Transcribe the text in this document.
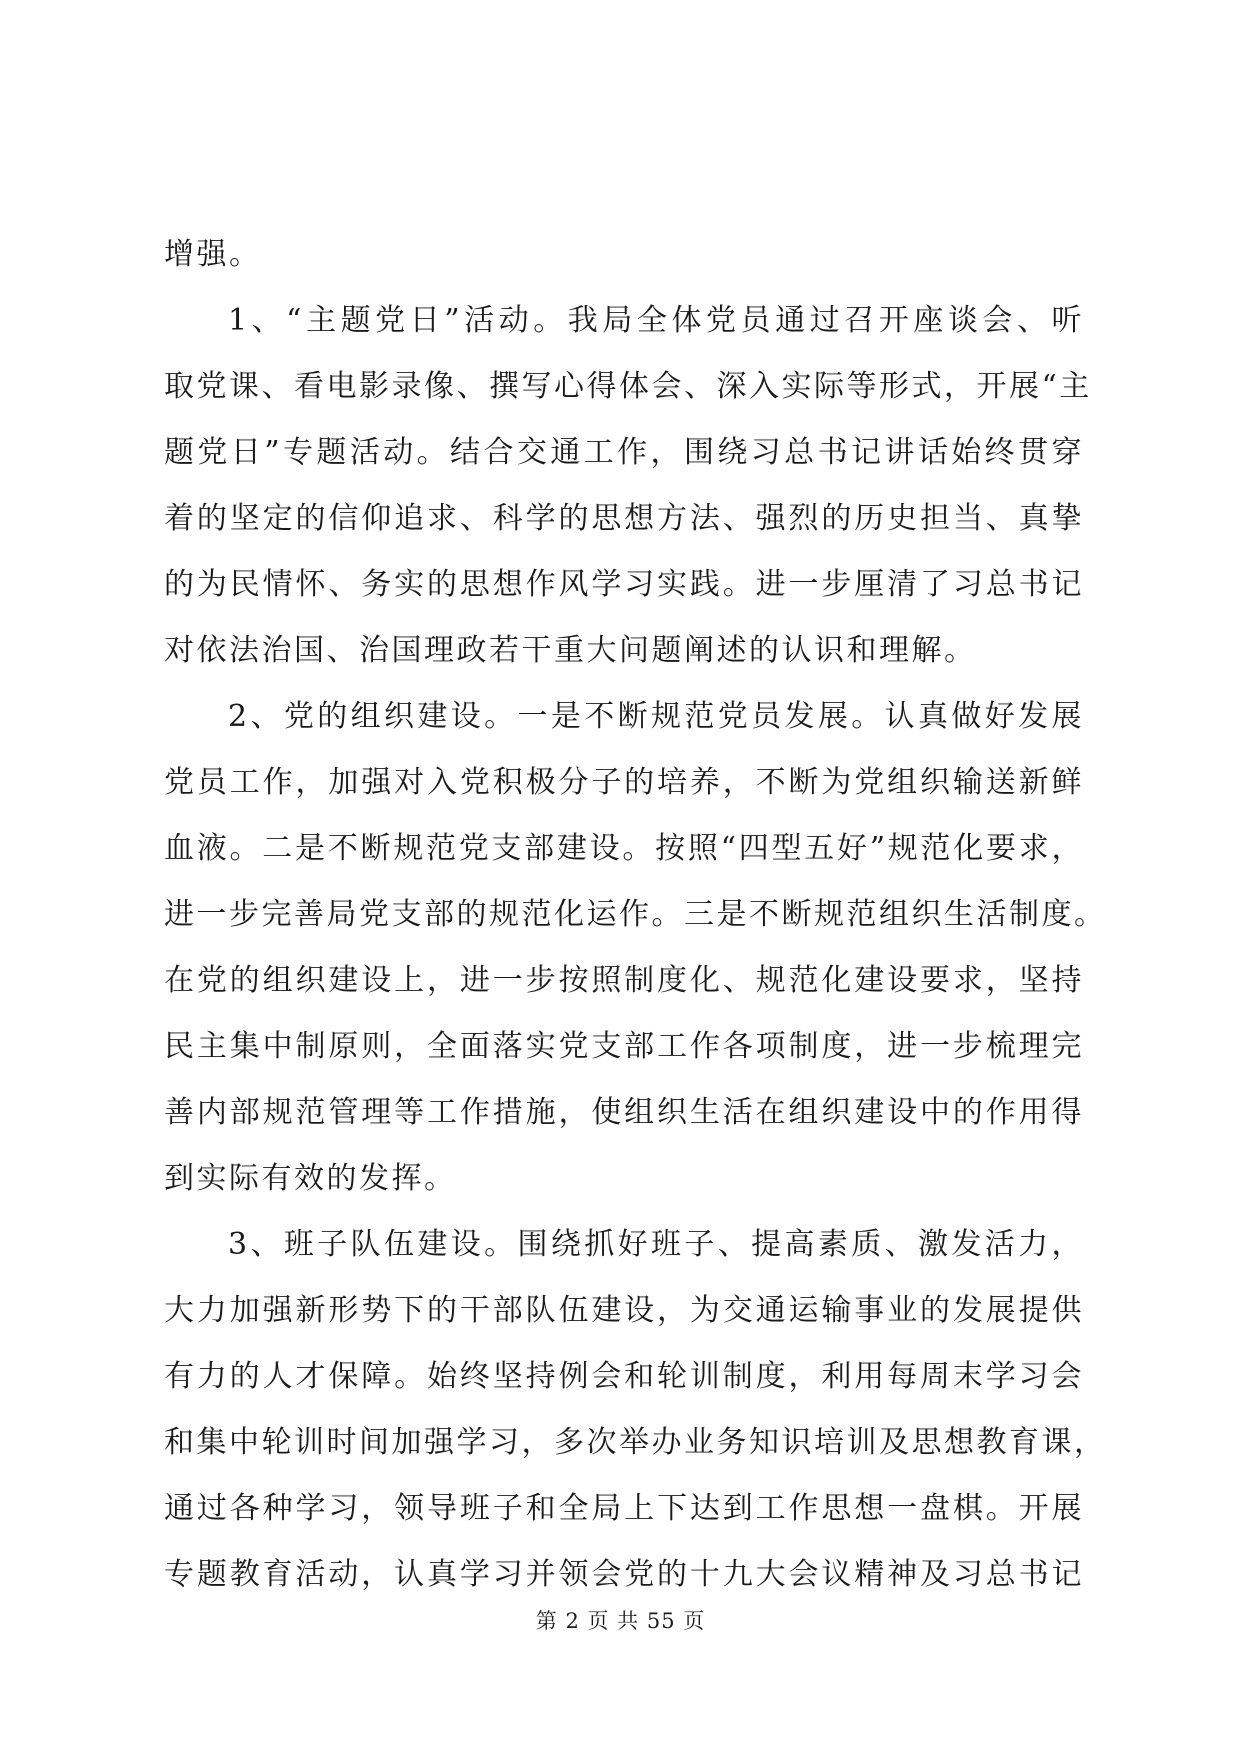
增强。
1、“主题党日”活动。我局全体党员通过召开座谈会、听
取党课、看电影录像、撰写心得体会、深入实际等形式，开展“主
题党日”专题活动。结合交通工作，围绕习总书记讲话始终贯穿
着的坚定的信仰追求、科学的思想方法、强烈的历史担当、真挚
的为民情怀、务实的思想作风学习实践。进一步厘清了习总书记
对依法治国、治国理政若干重大问题阐述的认识和理解。
2、党的组织建设。一是不断规范党员发展。认真做好发展
党员工作，加强对入党积极分子的培养，不断为党组织输送新鲜
血液。二是不断规范党支部建设。按照“四型五好”规范化要求，
进一步完善局党支部的规范化运作。三是不断规范组织生活制度。
在党的组织建设上，进一步按照制度化、规范化建设要求，坚持
民主集中制原则，全面落实党支部工作各项制度，进一步梳理完
善内部规范管理等工作措施，使组织生活在组织建设中的作用得
到实际有效的发挥。
3、班子队伍建设。围绕抓好班子、提高素质、激发活力，
大力加强新形势下的干部队伍建设，为交通运输事业的发展提供
有力的人才保障。始终坚持例会和轮训制度，利用每周末学习会
和集中轮训时间加强学习，多次举办业务知识培训及思想教育课，
通过各种学习，领导班子和全局上下达到工作思想一盘棋。开展
专题教育活动，认真学习并领会党的十九大会议精神及习总书记
第 2 页 共 55 页
